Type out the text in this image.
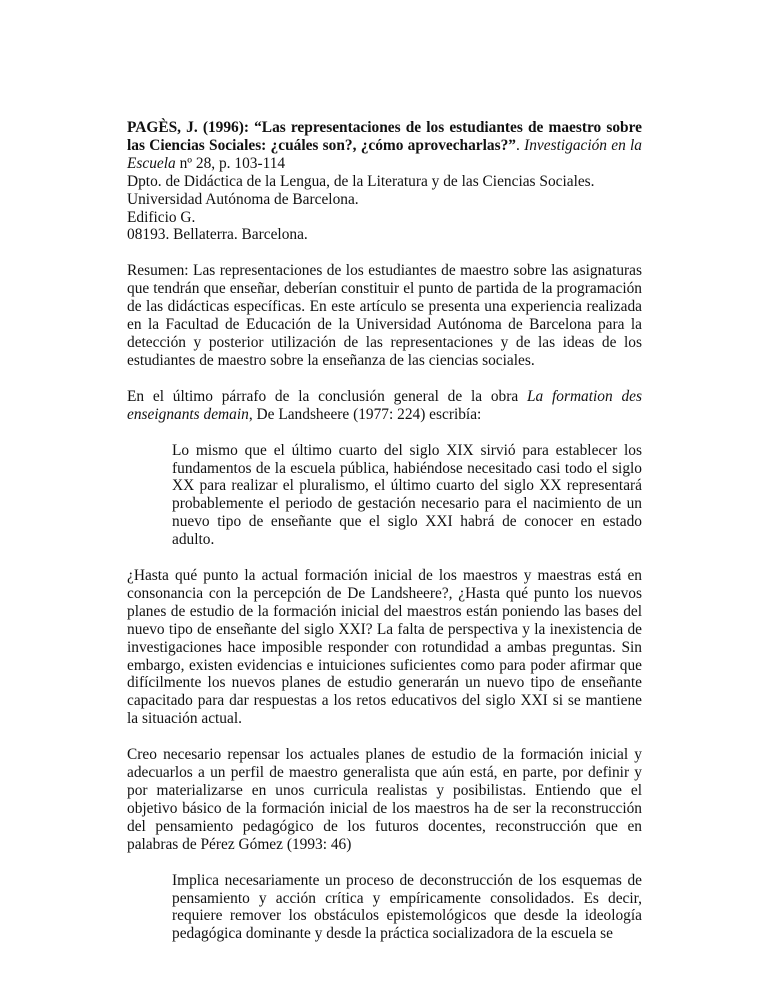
PAGÈS, J. (1996): “Las representaciones de los estudiantes de maestro sobre las Ciencias Sociales: ¿cuáles son?, ¿cómo aprovecharlas?”. Investigación en la Escuela nº 28, p. 103-114

Dpto. de Didáctica de la Lengua, de la Literatura y de las Ciencias Sociales.

Universidad Autónoma de Barcelona.

Edificio G.

08193. Bellaterra. Barcelona.

Resumen: Las representaciones de los estudiantes de maestro sobre las asignaturas que tendrán que enseñar, deberían constituir el punto de partida de la programación de las didácticas específicas. En este artículo se presenta una experiencia realizada en la Facultad de Educación de la Universidad Autónoma de Barcelona para la detección y posterior utilización de las representaciones y de las ideas de los estudiantes de maestro sobre la enseñanza de las ciencias sociales.

En el último párrafo de la conclusión general de la obra La formation des enseignants demain, De Landsheere (1977: 224) escribía:

Lo mismo que el último cuarto del siglo XIX sirvió para establecer los fundamentos de la escuela pública, habiéndose necesitado casi todo el siglo XX para realizar el pluralismo, el último cuarto del siglo XX representará probablemente el periodo de gestación necesario para el nacimiento de un nuevo tipo de enseñante que el siglo XXI habrá de conocer en estado adulto.

¿Hasta qué punto la actual formación inicial de los maestros y maestras está en consonancia con la percepción de De Landsheere?, ¿Hasta qué punto los nuevos planes de estudio de la formación inicial del maestros están poniendo las bases del nuevo tipo de enseñante del siglo XXI? La falta de perspectiva y la inexistencia de investigaciones hace imposible responder con rotundidad a ambas preguntas. Sin embargo, existen evidencias e intuiciones suficientes como para poder afirmar que difícilmente los nuevos planes de estudio generarán un nuevo tipo de enseñante capacitado para dar respuestas a los retos educativos del siglo XXI si se mantiene la situación actual.

Creo necesario repensar los actuales planes de estudio de la formación inicial y adecuarlos a un perfil de maestro generalista que aún está, en parte, por definir y por materializarse en unos curricula realistas y posibilistas. Entiendo que el objetivo básico de la formación inicial de los maestros ha de ser la reconstrucción del pensamiento pedagógico de los futuros docentes, reconstrucción que en palabras de Pérez Gómez (1993: 46)

Implica necesariamente un proceso de deconstrucción de los esquemas de pensamiento y acción crítica y empíricamente consolidados. Es decir, requiere remover los obstáculos epistemológicos que desde la ideología pedagógica dominante y desde la práctica socializadora de la escuela se
